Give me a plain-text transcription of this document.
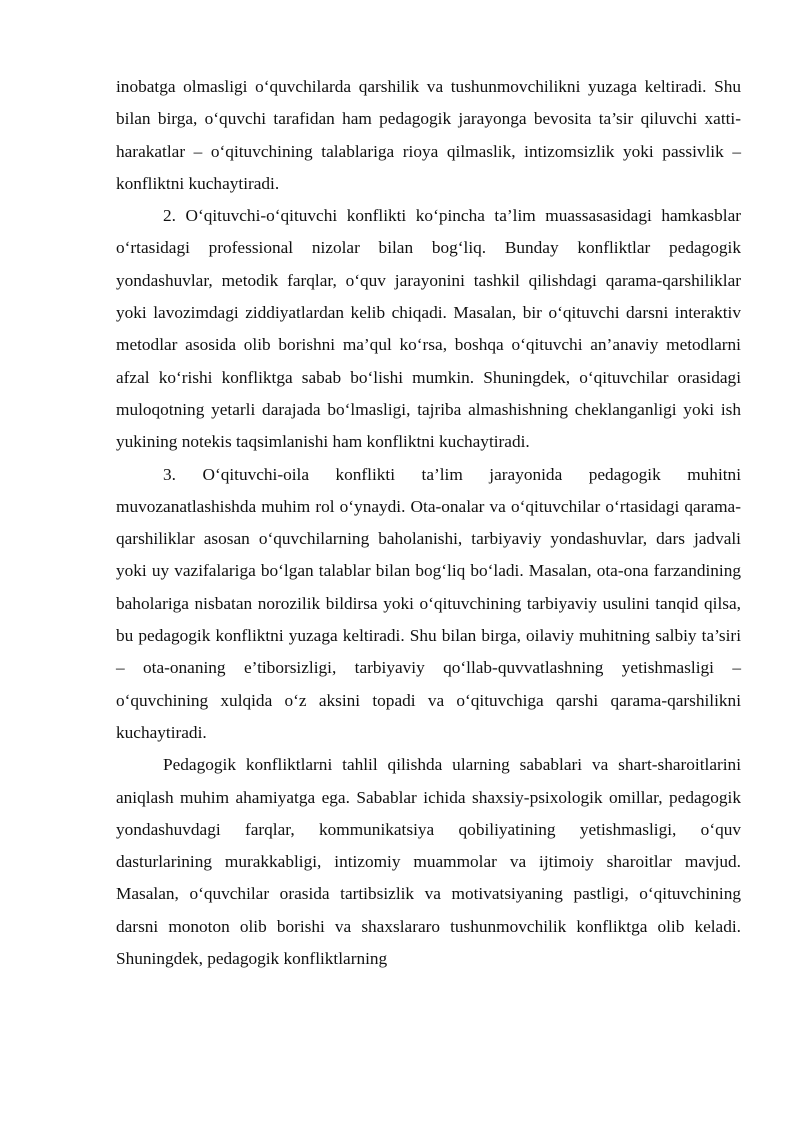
inobatga olmasligi o‘quvchilarda qarshilik va tushunmovchilikni yuzaga keltiradi. Shu bilan birga, o‘quvchi tarafidan ham pedagogik jarayonga bevosita ta’sir qiluvchi xatti-harakatlar – o‘qituvchining talablariga rioya qilmaslik, intizomsizlik yoki passivlik – konfliktni kuchaytiradi.

2. O‘qituvchi-o‘qituvchi konflikti ko‘pincha ta’lim muassasasidagi hamkasblar o‘rtasidagi professional nizolar bilan bog‘liq. Bunday konfliktlar pedagogik yondashuvlar, metodik farqlar, o‘quv jarayonini tashkil qilishdagi qarama-qarshiliklar yoki lavozimdagi ziddiyatlardan kelib chiqadi. Masalan, bir o‘qituvchi darsni interaktiv metodlar asosida olib borishni ma’qul ko‘rsa, boshqa o‘qituvchi an’anaviy metodlarni afzal ko‘rishi konfliktga sabab bo‘lishi mumkin. Shuningdek, o‘qituvchilar orasidagi muloqotning yetarli darajada bo‘lmasligi, tajriba almashishning cheklanganligi yoki ish yukining notekis taqsimlanishi ham konfliktni kuchaytiradi.

3. O‘qituvchi-oila konflikti ta’lim jarayonida pedagogik muhitni muvozanatlashishda muhim rol o‘ynaydi. Ota-onalar va o‘qituvchilar o‘rtasidagi qarama-qarshiliklar asosan o‘quvchilarning baholanishi, tarbiyaviy yondashuvlar, dars jadvali yoki uy vazifalariga bo‘lgan talablar bilan bog‘liq bo‘ladi. Masalan, ota-ona farzandining baholariga nisbatan norozilik bildirsa yoki o‘qituvchining tarbiyaviy usulini tanqid qilsa, bu pedagogik konfliktni yuzaga keltiradi. Shu bilan birga, oilaviy muhitning salbiy ta’siri – ota-onaning e’tiborsizligi, tarbiyaviy qo‘llab-quvvatlashning yetishmasligi – o‘quvchining xulqida o‘z aksini topadi va o‘qituvchiga qarshi qarama-qarshilikni kuchaytiradi.

Pedagogik konfliktlarni tahlil qilishda ularning sabablari va shart-sharoitlarini aniqlash muhim ahamiyatga ega. Sabablar ichida shaxsiy-psixologik omillar, pedagogik yondashuvdagi farqlar, kommunikatsiya qobiliyatining yetishmasligi, o‘quv dasturlarining murakkabligi, intizomiy muammolar va ijtimoiy sharoitlar mavjud. Masalan, o‘quvchilar orasida tartibsizlik va motivatsiyaning pastligi, o‘qituvchining darsni monoton olib borishi va shaxslararo tushunmovchilik konfliktga olib keladi. Shuningdek, pedagogik konfliktlarning
